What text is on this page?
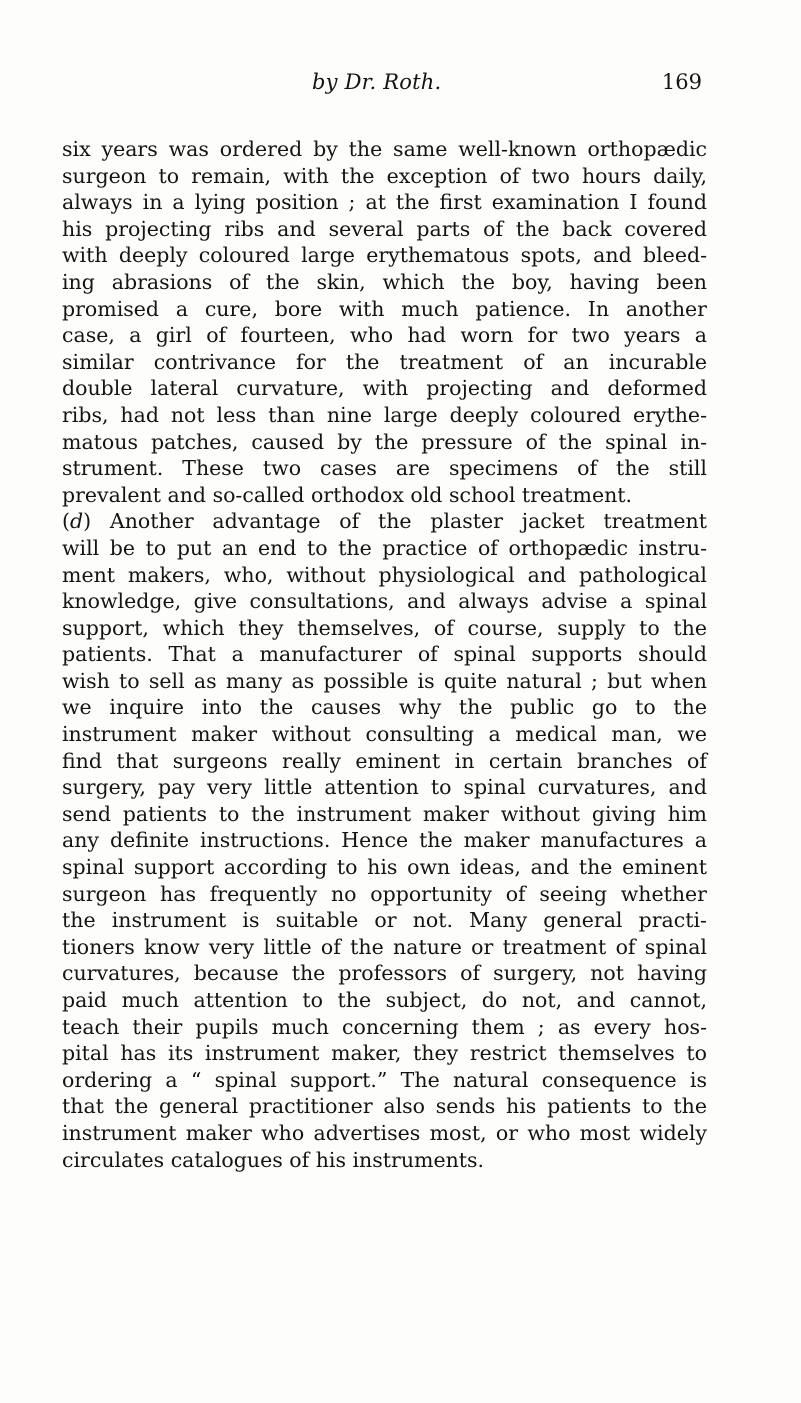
by Dr. Roth.	169
six years was ordered by the same well-known orthopædic
surgeon to remain, with the exception of two hours daily,
always in a lying position ; at the first examination I found
his projecting ribs and several parts of the back covered
with deeply coloured large erythematous spots, and bleed-
ing abrasions of the skin, which the boy, having been
promised a cure, bore with much patience. In another
case, a girl of fourteen, who had worn for two years a
similar contrivance for the treatment of an incurable
double lateral curvature, with projecting and deformed
ribs, had not less than nine large deeply coloured erythe-
matous patches, caused by the pressure of the spinal in-
strument. These two cases are specimens of the still
prevalent and so-called orthodox old school treatment.
(d) Another advantage of the plaster jacket treatment
will be to put an end to the practice of orthopædic instru-
ment makers, who, without physiological and pathological
knowledge, give consultations, and always advise a spinal
support, which they themselves, of course, supply to the
patients. That a manufacturer of spinal supports should
wish to sell as many as possible is quite natural ; but when
we inquire into the causes why the public go to the
instrument maker without consulting a medical man, we
find that surgeons really eminent in certain branches of
surgery, pay very little attention to spinal curvatures, and
send patients to the instrument maker without giving him
any definite instructions. Hence the maker manufactures a
spinal support according to his own ideas, and the eminent
surgeon has frequently no opportunity of seeing whether
the instrument is suitable or not. Many general practi-
tioners know very little of the nature or treatment of spinal
curvatures, because the professors of surgery, not having
paid much attention to the subject, do not, and cannot,
teach their pupils much concerning them ; as every hos-
pital has its instrument maker, they restrict themselves to
ordering a “ spinal support.” The natural consequence is
that the general practitioner also sends his patients to the
instrument maker who advertises most, or who most widely
circulates catalogues of his instruments.
